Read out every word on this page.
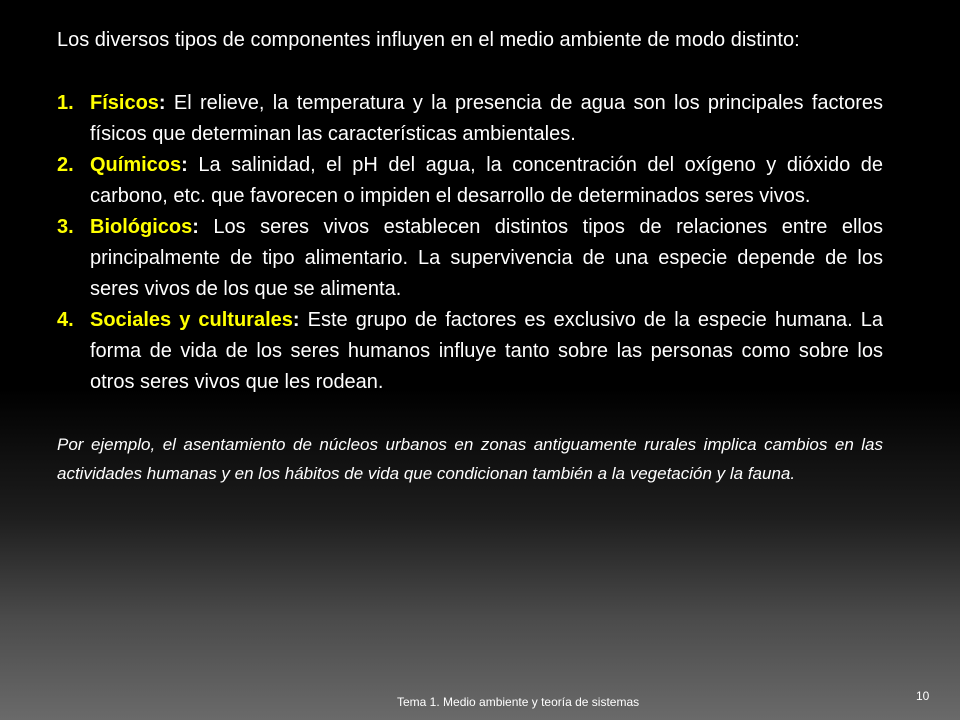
Los diversos tipos de componentes influyen en el medio ambiente de modo distinto:

1. Físicos: El relieve, la temperatura y la presencia de agua son los principales factores físicos que determinan las características ambientales.
2. Químicos: La salinidad, el pH del agua, la concentración del oxígeno y dióxido de carbono, etc. que favorecen o impiden el desarrollo de determinados seres vivos.
3. Biológicos: Los seres vivos establecen distintos tipos de relaciones entre ellos principalmente de tipo alimentario. La supervivencia de una especie depende de los seres vivos de los que se alimenta.
4. Sociales y culturales: Este grupo de factores es exclusivo de la especie humana. La forma de vida de los seres humanos influye tanto sobre las personas como sobre los otros seres vivos que les rodean.

Por ejemplo, el asentamiento de núcleos urbanos en zonas antiguamente rurales implica cambios en las actividades humanas y en los hábitos de vida que condicionan también a la vegetación y la fauna.

Tema 1. Medio ambiente y teoría de sistemas	10
